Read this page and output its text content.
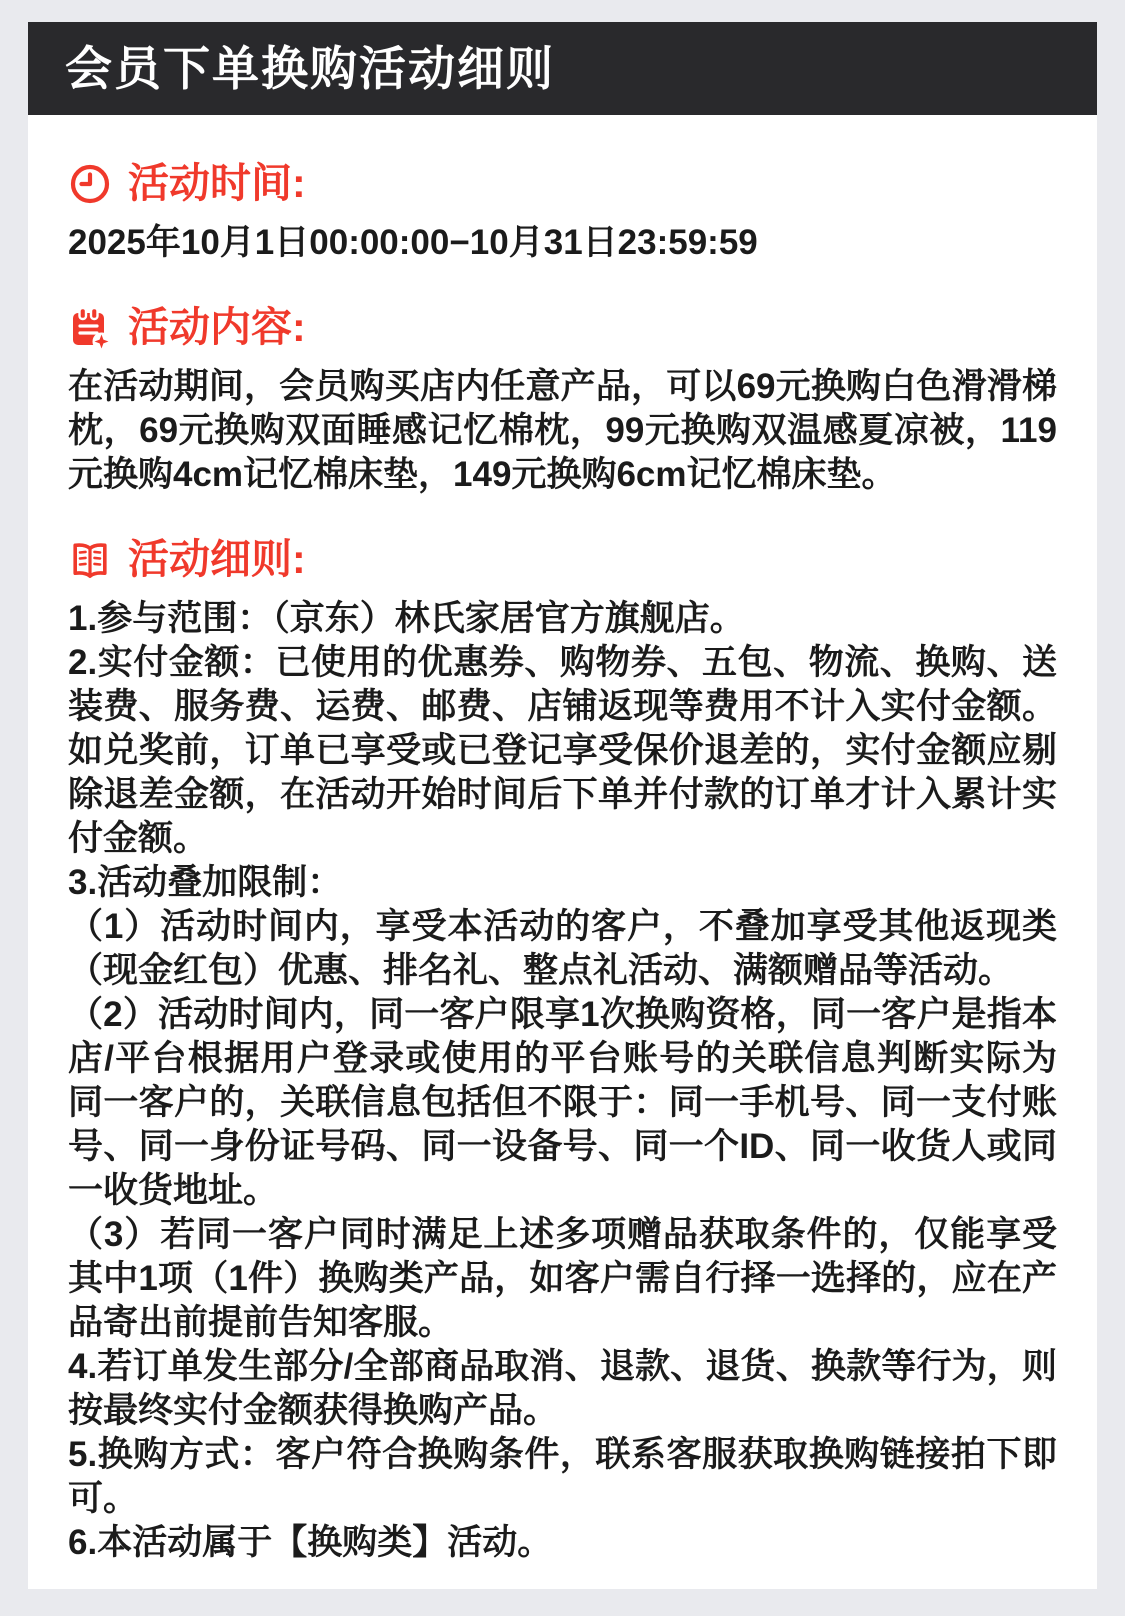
会员下单换购活动细则
活动时间:

2025年10月1日00:00:00−10月31日23:59:59

活动内容:

在活动期间，会员购买店内任意产品，可以69元换购白色滑滑梯枕，69元换购双面睡感记忆棉枕，99元换购双温感夏凉被，119元换购4cm记忆棉床垫，149元换购6cm记忆棉床垫。

活动细则:

1.参与范围：（京东）林氏家居官方旗舰店。

2.实付金额：已使用的优惠券、购物券、五包、物流、换购、送装费、服务费、运费、邮费、店铺返现等费用不计入实付金额。如兑奖前，订单已享受或已登记享受保价退差的，实付金额应剔除退差金额，在活动开始时间后下单并付款的订单才计入累计实付金额。

3.活动叠加限制：

（1）活动时间内，享受本活动的客户，不叠加享受其他返现类（现金红包）优惠、排名礼、整点礼活动、满额赠品等活动。

（2）活动时间内，同一客户限享1次换购资格，同一客户是指本店/平台根据用户登录或使用的平台账号的关联信息判断实际为同一客户的，关联信息包括但不限于：同一手机号、同一支付账号、同一身份证号码、同一设备号、同一个ID、同一收货人或同一收货地址。

（3）若同一客户同时满足上述多项赠品获取条件的，仅能享受其中1项（1件）换购类产品，如客户需自行择一选择的，应在产品寄出前提前告知客服。

4.若订单发生部分/全部商品取消、退款、退货、换款等行为，则按最终实付金额获得换购产品。

5.换购方式：客户符合换购条件，联系客服获取换购链接拍下即可。

6.本活动属于【换购类】活动。
